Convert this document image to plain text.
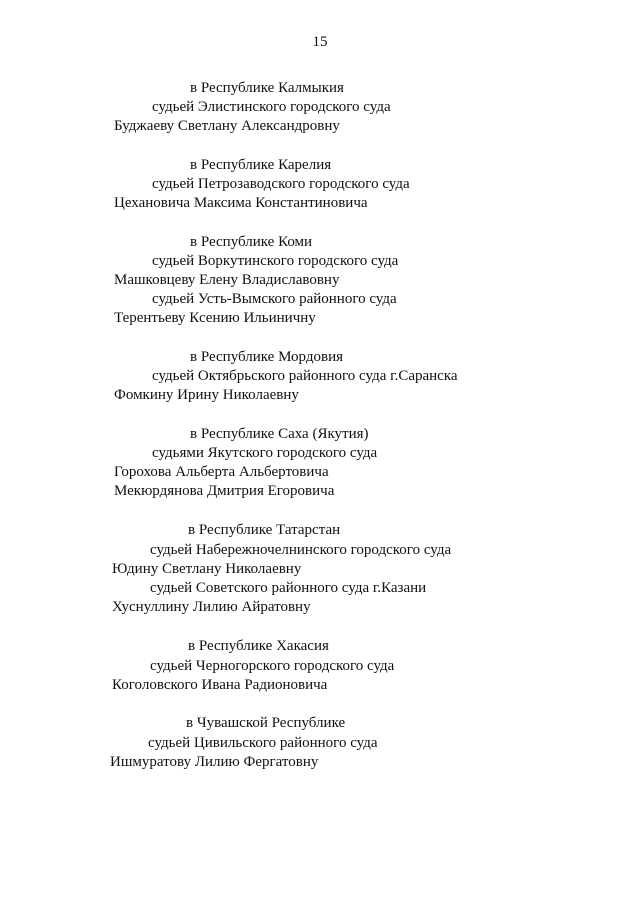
15
в Республике Калмыкия
судьей Элистинского городского суда
Буджаеву Светлану Александровну
в Республике Карелия
судьей Петрозаводского городского суда
Цехановича Максима Константиновича
в Республике Коми
судьей Воркутинского городского суда
Машковцеву Елену Владиславовну
судьей Усть-Вымского районного суда
Терентьеву Ксению Ильиничну
в Республике Мордовия
судьей Октябрьского районного суда г.Саранска
Фомкину Ирину Николаевну
в Республике Саха (Якутия)
судьями Якутского городского суда
Горохова Альберта Альбертовича
Мекюрдянова Дмитрия Егоровича
в Республике Татарстан
судьей Набережночелнинского городского суда
Юдину Светлану Николаевну
судьей Советского районного суда г.Казани
Хуснуллину Лилию Айратовну
в Республике Хакасия
судьей Черногорского городского суда
Коголовского Ивана Радионовича
в Чувашской Республике
судьей Цивильского районного суда
Ишмуратову Лилию Фергатовну
